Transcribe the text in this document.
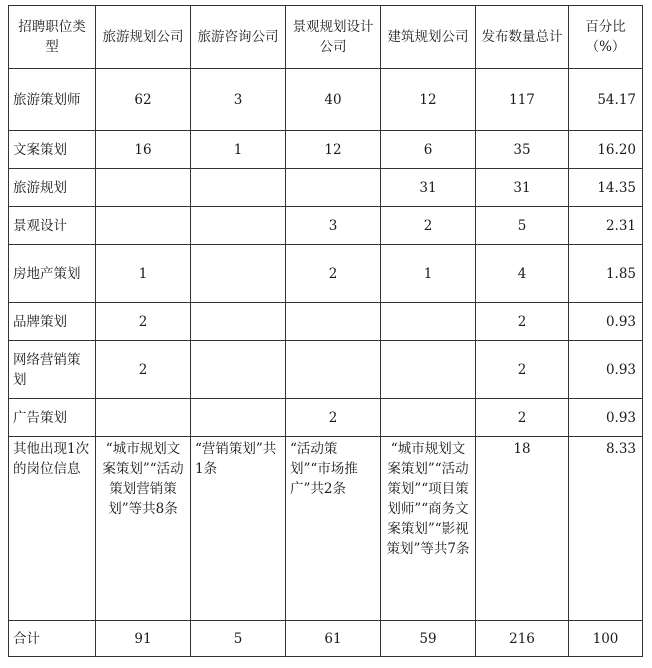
招聘职位类型	旅游规划公司	旅游咨询公司	景观规划设计公司	建筑规划公司	发布数量总计	百分比（%）
旅游策划师	62	3	40	12	117	54.17
文案策划	16	1	12	6	35	16.20
旅游规划				31	31	14.35
景观设计			3	2	5	2.31
房地产策划	1		2	1	4	1.85
品牌策划	2				2	0.93
网络营销策划	2				2	0.93
广告策划			2		2	0.93
其他出现1次的岗位信息	“城市规划文案策划”“活动策划营销策划”等共8条	“营销策划”共1条	“活动策划”“市场推广”共2条	“城市规划文案策划”“活动策划”“项目策划师”“商务文案策划”“影视策划”等共7条	18	8.33
合计	91	5	61	59	216	100
